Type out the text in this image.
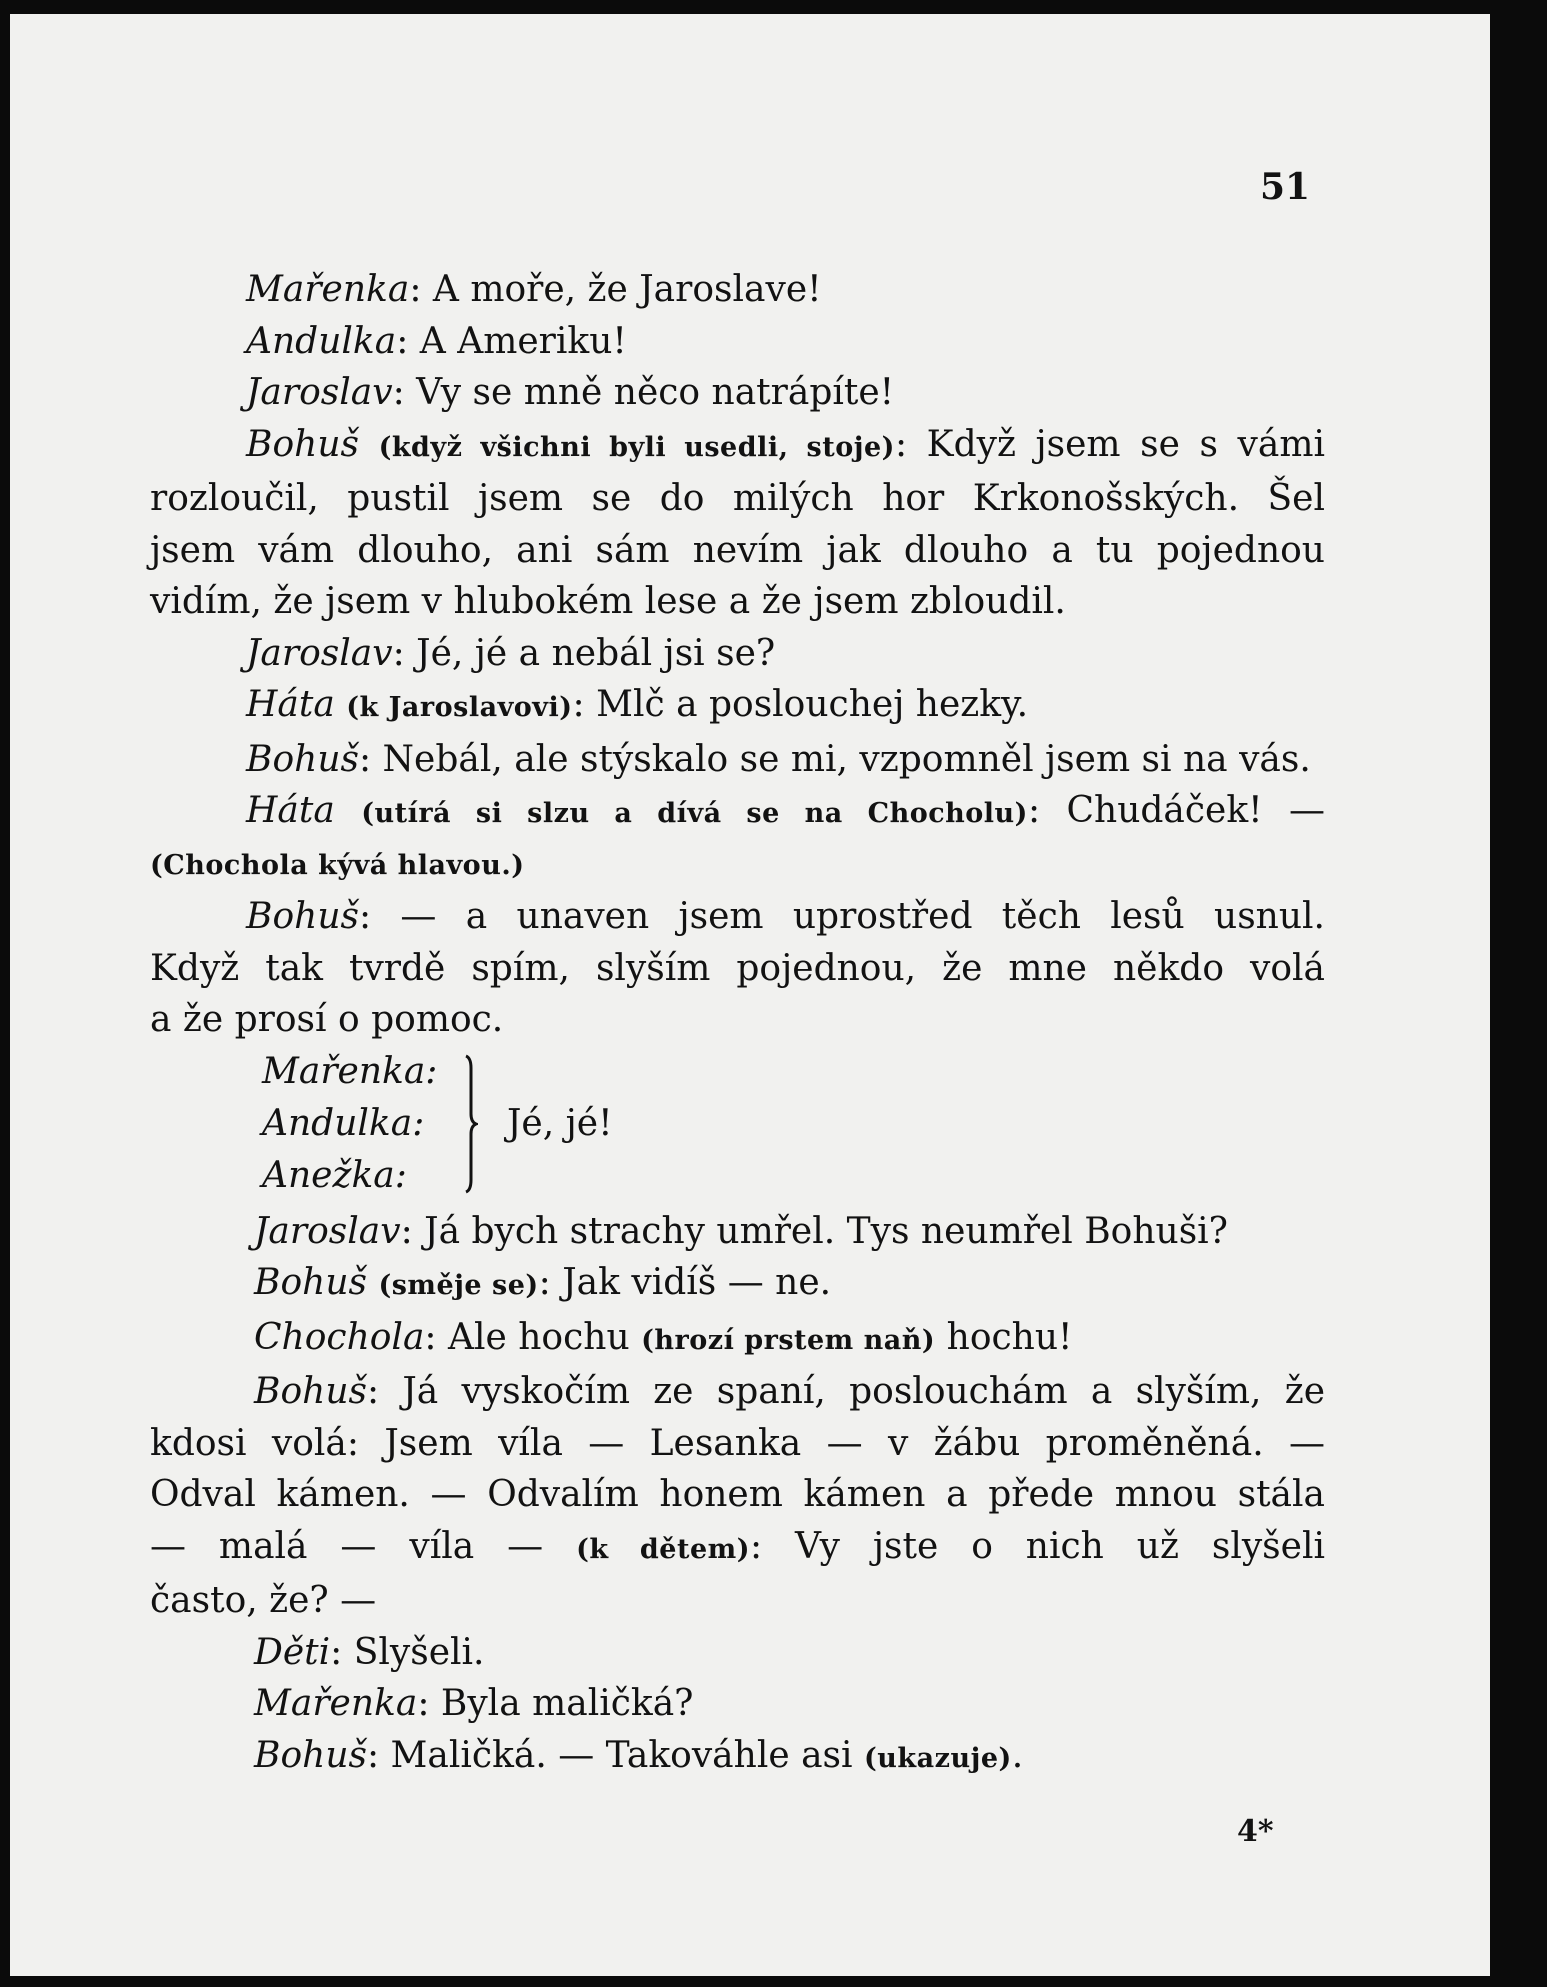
51

Mařenka: A moře, že Jaroslave!

Andulka: A Ameriku!

Jaroslav: Vy se mně něco natrápíte!

Bohuš (když všichni byli usedli, stoje): Když jsem se s vámi
rozloučil, pustil jsem se do milých hor Krkonošských. Šel
jsem vám dlouho, ani sám nevím jak dlouho a tu pojednou
vidím, že jsem v hlubokém lese a že jsem zbloudil.

Jaroslav: Jé, jé a nebál jsi se?

Háta (k Jaroslavovi): Mlč a poslouchej hezky.

Bohuš: Nebál, ale stýskalo se mi, vzpomněl jsem si na vás.

Háta (utírá si slzu a dívá se na Chocholu): Chudáček! —
(Chochola kývá hlavou.)
Bohuš: — a unaven jsem uprostřed těch lesů usnul.
Když tak tvrdě spím, slyším pojednou, že mne někdo volá
a že prosí o pomoc.
Mařenka:
Andulka:
Anežka:
Jé, jé!

Jaroslav: Já bych strachy umřel. Tys neumřel Bohuši?

Bohuš (směje se): Jak vidíš — ne.

Chochola: Ale hochu (hrozí prstem naň) hochu!

Bohuš: Já vyskočím ze spaní, poslouchám a slyším, že
kdosi volá: Jsem víla — Lesanka — v žábu proměněná. —
Odval kámen. — Odvalím honem kámen a přede mnou stála
— malá — víla — (k dětem): Vy jste o nich už slyšeli
často, že? —

Děti: Slyšeli.

Mařenka: Byla maličká?

Bohuš: Maličká. — Takováhle asi (ukazuje).

4*
